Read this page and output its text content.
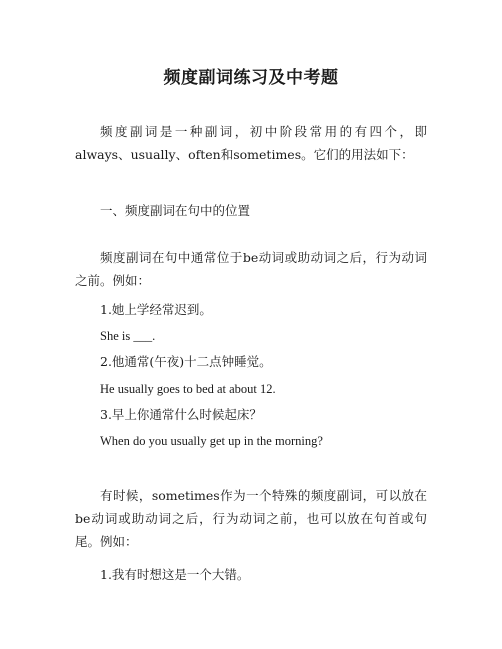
频度副词练习及中考题
频度副词是一种副词，初中阶段常用的有四个，即always、usually、often和sometimes。它们的用法如下：
一、频度副词在句中的位置
频度副词在句中通常位于be动词或助动词之后，行为动词之前。例如：
1.她上学经常迟到。
She is ___.
2.他通常(午夜)十二点钟睡觉。
He usually goes to bed at about 12.
3.早上你通常什么时候起床？
When do you usually get up in the morning?
有时候，sometimes作为一个特殊的频度副词，可以放在be动词或助动词之后，行为动词之前，也可以放在句首或句尾。例如：
1.我有时想这是一个大错。
